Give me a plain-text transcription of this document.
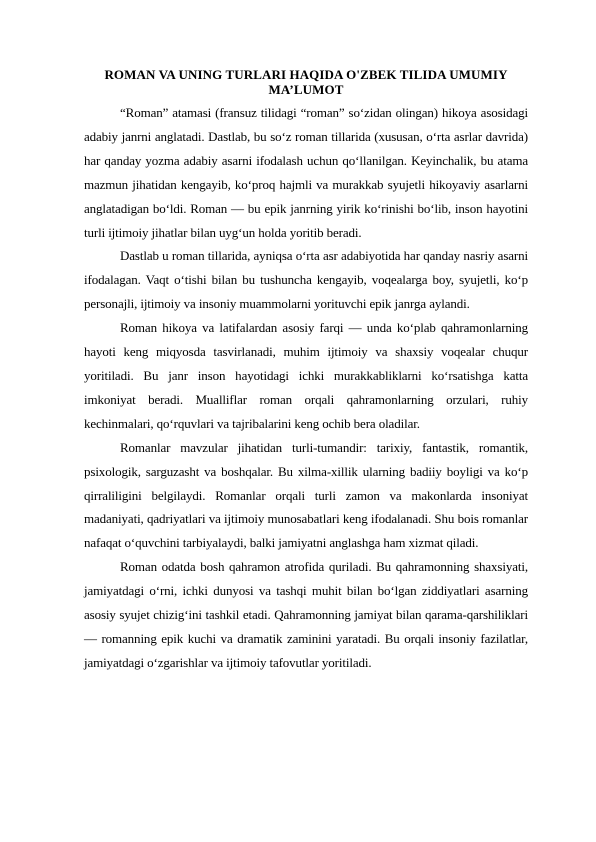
ROMAN VA UNING TURLARI HAQIDA O'ZBEK TILIDA UMUMIY MA’LUMOT

“Roman” atamasi (fransuz tilidagi “roman” so‘zidan olingan) hikoya asosidagi adabiy janrni anglatadi. Dastlab, bu so‘z roman tillarida (xususan, o‘rta asrlar davrida) har qanday yozma adabiy asarni ifodalash uchun qo‘llanilgan. Keyinchalik, bu atama mazmun jihatidan kengayib, ko‘proq hajmli va murakkab syujetli hikoyaviy asarlarni anglatadigan bo‘ldi. Roman — bu epik janrning yirik ko‘rinishi bo‘lib, inson hayotini turli ijtimoiy jihatlar bilan uyg‘un holda yoritib beradi.

Dastlab u roman tillarida, ayniqsa o‘rta asr adabiyotida har qanday nasriy asarni ifodalagan. Vaqt o‘tishi bilan bu tushuncha kengayib, voqealarga boy, syujetli, ko‘p personajli, ijtimoiy va insoniy muammolarni yorituvchi epik janrga aylandi.

Roman hikoya va latifalardan asosiy farqi — unda ko‘plab qahramonlarning hayoti keng miqyosda tasvirlanadi, muhim ijtimoiy va shaxsiy voqealar chuqur yoritiladi. Bu janr inson hayotidagi ichki murakkabliklarni ko‘rsatishga katta imkoniyat beradi. Mualliflar roman orqali qahramonlarning orzulari, ruhiy kechinmalari, qo‘rquvlari va tajribalarini keng ochib bera oladilar.

Romanlar mavzular jihatidan turli-tumandir: tarixiy, fantastik, romantik, psixologik, sarguzasht va boshqalar. Bu xilma-xillik ularning badiiy boyligi va ko‘p qirraliligini belgilaydi. Romanlar orqali turli zamon va makonlarda insoniyat madaniyati, qadriyatlari va ijtimoiy munosabatlari keng ifodalanadi. Shu bois romanlar nafaqat o‘quvchini tarbiyalaydi, balki jamiyatni anglashga ham xizmat qiladi.

Roman odatda bosh qahramon atrofida quriladi. Bu qahramonning shaxsiyati, jamiyatdagi o‘rni, ichki dunyosi va tashqi muhit bilan bo‘lgan ziddiyatlari asarning asosiy syujet chizig‘ini tashkil etadi. Qahramonning jamiyat bilan qarama-qarshiliklari — romanning epik kuchi va dramatik zaminini yaratadi. Bu orqali insoniy fazilatlar, jamiyatdagi o‘zgarishlar va ijtimoiy tafovutlar yoritiladi.
